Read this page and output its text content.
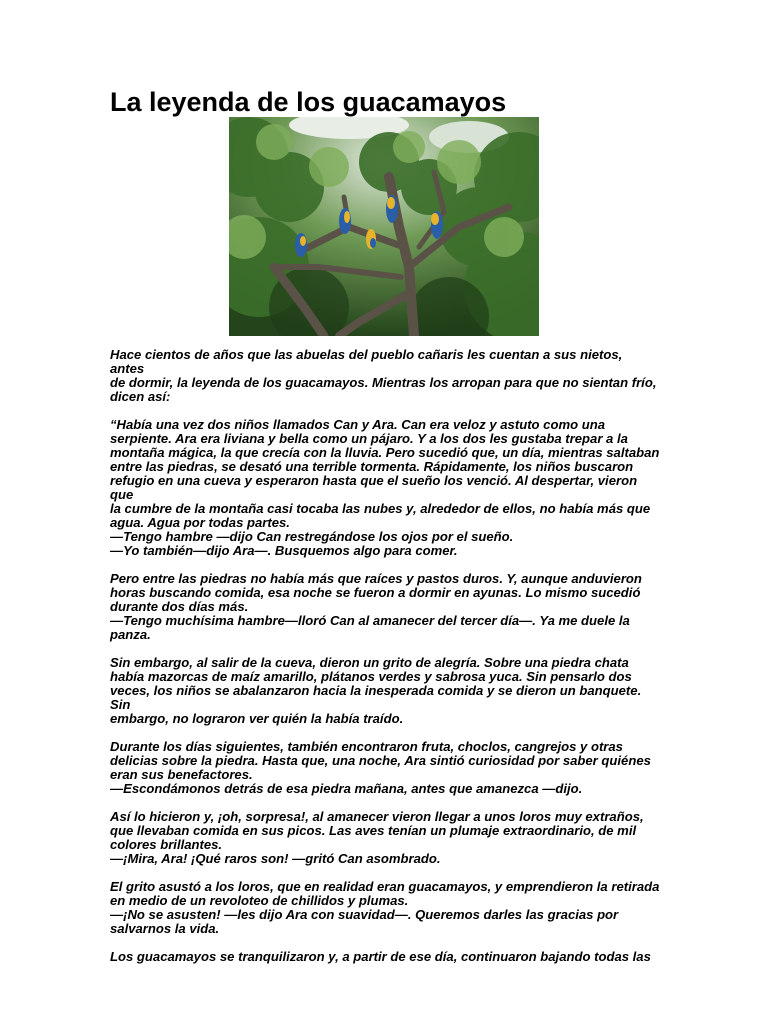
La leyenda de los guacamayos

Hace cientos de años que las abuelas del pueblo cañaris les cuentan a sus nietos, antes
de dormir, la leyenda de los guacamayos. Mientras los arropan para que no sientan frío,
dicen así:

“Había una vez dos niños llamados Can y Ara. Can era veloz y astuto como una
serpiente. Ara era liviana y bella como un pájaro. Y a los dos les gustaba trepar a la
montaña mágica, la que crecía con la lluvia. Pero sucedió que, un día, mientras saltaban
entre las piedras, se desató una terrible tormenta. Rápidamente, los niños buscaron
refugio en una cueva y esperaron hasta que el sueño los venció. Al despertar, vieron que
la cumbre de la montaña casi tocaba las nubes y, alrededor de ellos, no había más que
agua. Agua por todas partes.
—Tengo hambre —dijo Can restregándose los ojos por el sueño.
—Yo también—dijo Ara—. Busquemos algo para comer.

Pero entre las piedras no había más que raíces y pastos duros. Y, aunque anduvieron
horas buscando comida, esa noche se fueron a dormir en ayunas. Lo mismo sucedió
durante dos días más.
—Tengo muchísima hambre—lloró Can al amanecer del tercer día—. Ya me duele la
panza.

Sin embargo, al salir de la cueva, dieron un grito de alegría. Sobre una piedra chata
había mazorcas de maíz amarillo, plátanos verdes y sabrosa yuca. Sin pensarlo dos
veces, los niños se abalanzaron hacia la inesperada comida y se dieron un banquete. Sin
embargo, no lograron ver quién la había traído.

Durante los días siguientes, también encontraron fruta, choclos, cangrejos y otras
delicias sobre la piedra. Hasta que, una noche, Ara sintió curiosidad por saber quiénes
eran sus benefactores.
—Escondámonos detrás de esa piedra mañana, antes que amanezca —dijo.

Así lo hicieron y, ¡oh, sorpresa!, al amanecer vieron llegar a unos loros muy extraños,
que llevaban comida en sus picos. Las aves tenían un plumaje extraordinario, de mil
colores brillantes.
—¡Mira, Ara! ¡Qué raros son! —gritó Can asombrado.

El grito asustó a los loros, que en realidad eran guacamayos, y emprendieron la retirada
en medio de un revoloteo de chillidos y plumas.
—¡No se asusten! —les dijo Ara con suavidad—. Queremos darles las gracias por
salvarnos la vida.

Los guacamayos se tranquilizaron y, a partir de ese día, continuaron bajando todas las
